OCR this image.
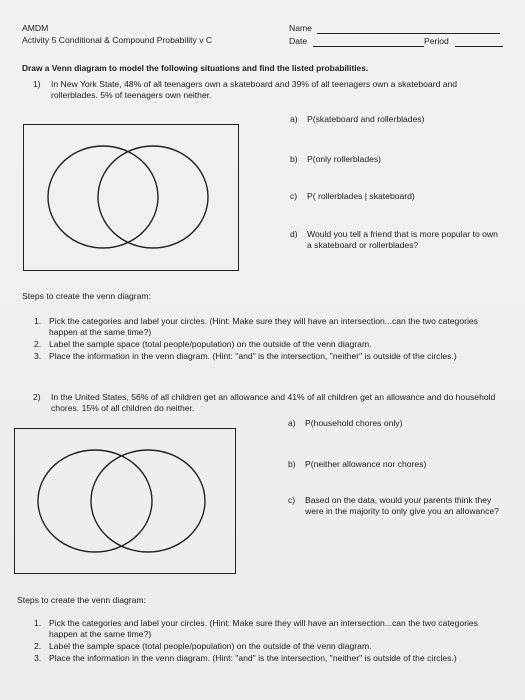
AMDM
Activity 5 Conditional & Compound Probability v C
Name
Date	Period
Draw a Venn diagram to model the following situations and find the listed probabilities.
1) In New York State, 48% of all teenagers own a skateboard and 39% of all teenagers own a skateboard and rollerblades. 5% of teenagers own neither.
a) P(skateboard and rollerblades)
b) P(only rollerblades)
c) P( rollerblades | skateboard)
d) Would you tell a friend that is more popular to own a skateboard or rollerblades?
Steps to create the venn diagram:
1. Pick the categories and label your circles. (Hint: Make sure they will have an intersection...can the two categories happen at the same time?)
2. Label the sample space (total people/population) on the outside of the venn diagram.
3. Place the information in the venn diagram. (Hint: "and" is the intersection, "neither" is outside of the circles.)
2) In the United States, 56% of all children get an allowance and 41% of all children get an allowance and do household chores. 15% of all children do neither.
a) P(household chores only)
b) P(neither allowance nor chores)
c) Based on the data, would your parents think they were in the majority to only give you an allowance?
Steps to create the venn diagram:
1. Pick the categories and label your circles. (Hint: Make sure they will have an intersection...can the two categories happen at the same time?)
2. Label the sample space (total people/population) on the outside of the venn diagram.
3. Place the information in the venn diagram. (Hint: "and" is the intersection, "neither" is outside of the circles.)
